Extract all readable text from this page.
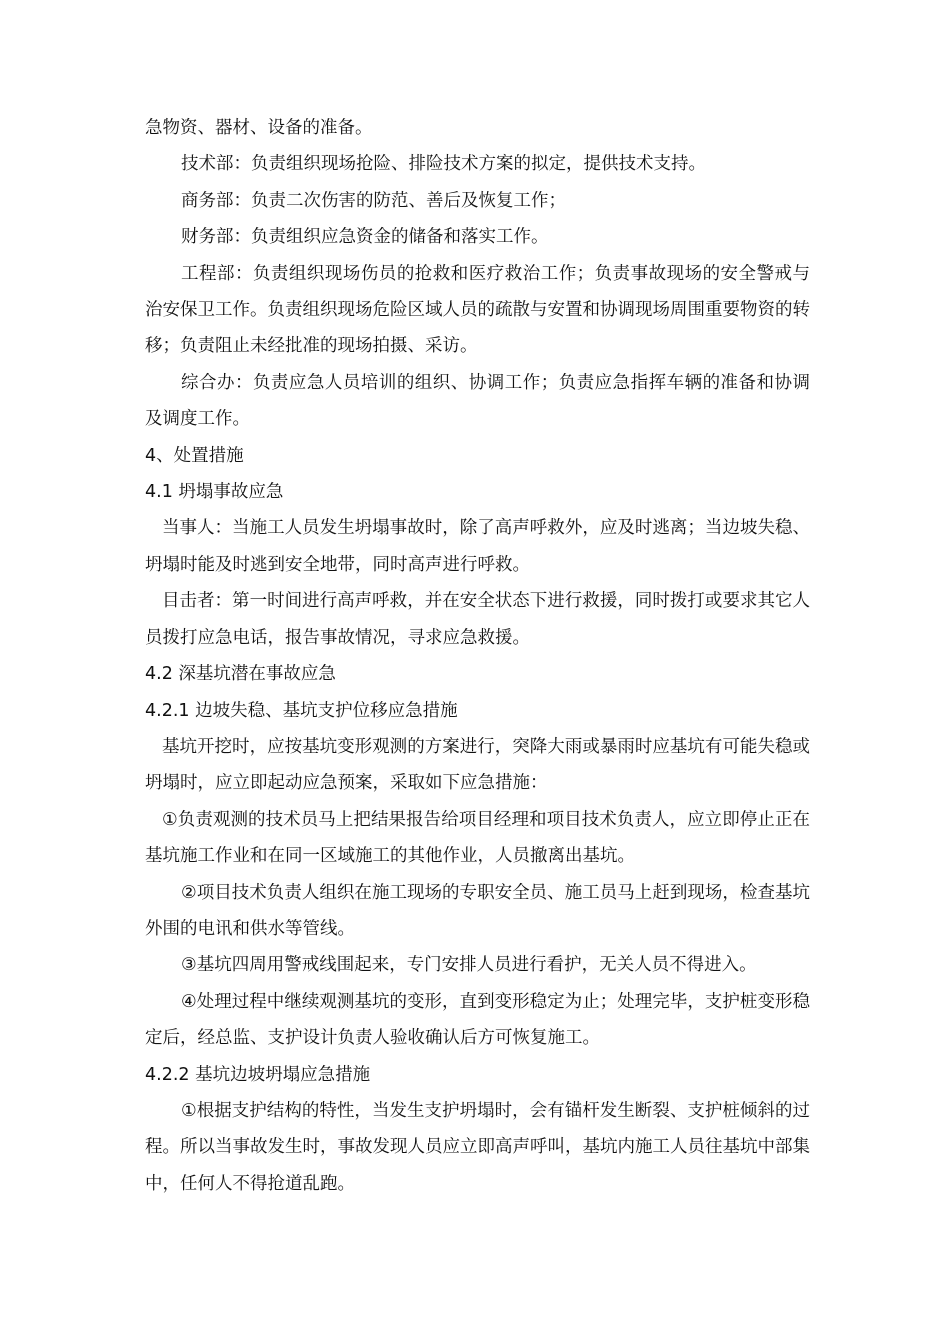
急物资、器材、设备的准备。

技术部：负责组织现场抢险、排险技术方案的拟定，提供技术支持。

商务部：负责二次伤害的防范、善后及恢复工作；

财务部：负责组织应急资金的储备和落实工作。

工程部：负责组织现场伤员的抢救和医疗救治工作；负责事故现场的安全警戒与治安保卫工作。负责组织现场危险区域人员的疏散与安置和协调现场周围重要物资的转移；负责阻止未经批准的现场拍摄、采访。

综合办：负责应急人员培训的组织、协调工作；负责应急指挥车辆的准备和协调及调度工作。

4、处置措施

4.1 坍塌事故应急

当事人：当施工人员发生坍塌事故时，除了高声呼救外，应及时逃离；当边坡失稳、坍塌时能及时逃到安全地带，同时高声进行呼救。

目击者：第一时间进行高声呼救，并在安全状态下进行救援，同时拨打或要求其它人员拨打应急电话，报告事故情况，寻求应急救援。

4.2 深基坑潜在事故应急

4.2.1 边坡失稳、基坑支护位移应急措施

基坑开挖时，应按基坑变形观测的方案进行，突降大雨或暴雨时应基坑有可能失稳或坍塌时，应立即起动应急预案，采取如下应急措施：

①负责观测的技术员马上把结果报告给项目经理和项目技术负责人，应立即停止正在基坑施工作业和在同一区域施工的其他作业，人员撤离出基坑。

②项目技术负责人组织在施工现场的专职安全员、施工员马上赶到现场，检查基坑外围的电讯和供水等管线。

③基坑四周用警戒线围起来，专门安排人员进行看护，无关人员不得进入。

④处理过程中继续观测基坑的变形，直到变形稳定为止；处理完毕，支护桩变形稳定后，经总监、支护设计负责人验收确认后方可恢复施工。

4.2.2 基坑边坡坍塌应急措施

①根据支护结构的特性，当发生支护坍塌时，会有锚杆发生断裂、支护桩倾斜的过程。所以当事故发生时，事故发现人员应立即高声呼叫，基坑内施工人员往基坑中部集中，任何人不得抢道乱跑。
